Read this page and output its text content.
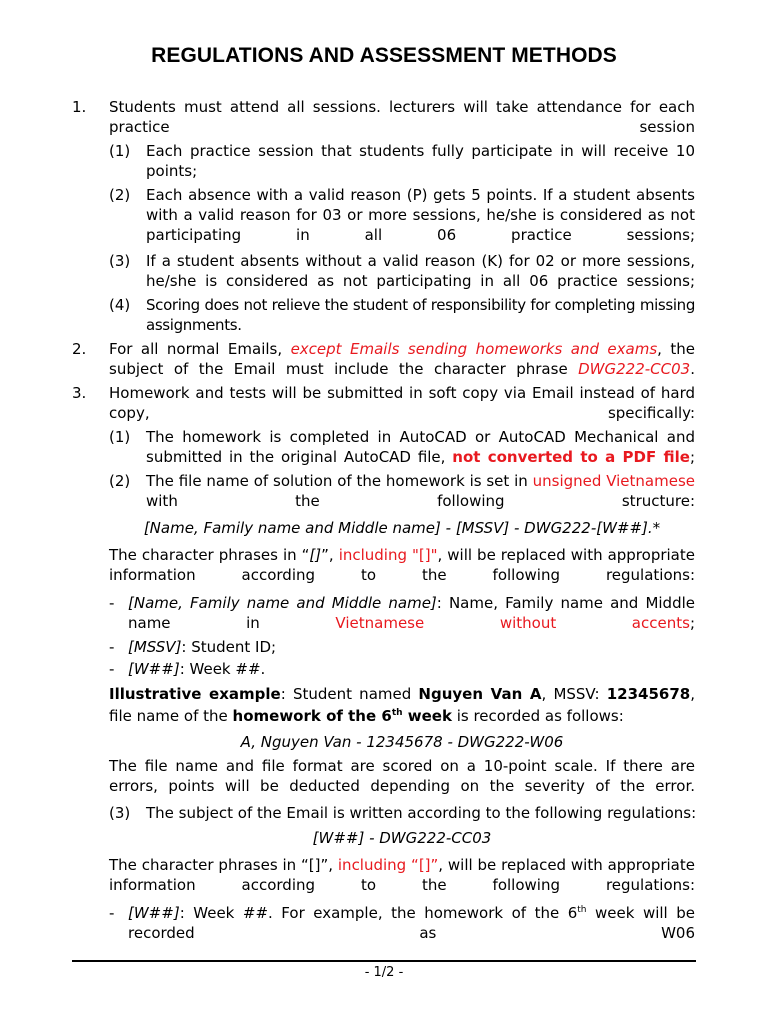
REGULATIONS AND ASSESSMENT METHODS
1. Students must attend all sessions. lecturers will take attendance for each practice session
(1) Each practice session that students fully participate in will receive 10 points;
(2) Each absence with a valid reason (P) gets 5 points. If a student absents with a valid reason for 03 or more sessions, he/she is considered as not participating in all 06 practice sessions;
(3) If a student absents without a valid reason (K) for 02 or more sessions, he/she is considered as not participating in all 06 practice sessions;
(4) Scoring does not relieve the student of responsibility for completing missing assignments.
2. For all normal Emails, except Emails sending homeworks and exams, the subject of the Email must include the character phrase DWG222-CC03.
3. Homework and tests will be submitted in soft copy via Email instead of hard copy, specifically:
(1) The homework is completed in AutoCAD or AutoCAD Mechanical and submitted in the original AutoCAD file, not converted to a PDF file;
(2) The file name of solution of the homework is set in unsigned Vietnamese with the following structure:
[Name, Family name and Middle name] - [MSSV] - DWG222-[W##].*
The character phrases in “[]”, including "[]", will be replaced with appropriate information according to the following regulations:
- [Name, Family name and Middle name]: Name, Family name and Middle name in Vietnamese without accents;
- [MSSV]: Student ID;
- [W##]: Week ##.
Illustrative example: Student named Nguyen Van A, MSSV: 12345678,
file name of the homework of the 6th week is recorded as follows:
A, Nguyen Van - 12345678 - DWG222-W06
The file name and file format are scored on a 10-point scale. If there are errors, points will be deducted depending on the severity of the error.
(3) The subject of the Email is written according to the following regulations:
[W##] - DWG222-CC03
The character phrases in “[]”, including “[]”, will be replaced with appropriate information according to the following regulations:
- [W##]: Week ##. For example, the homework of the 6th week will be recorded as W06
- 1/2 -
